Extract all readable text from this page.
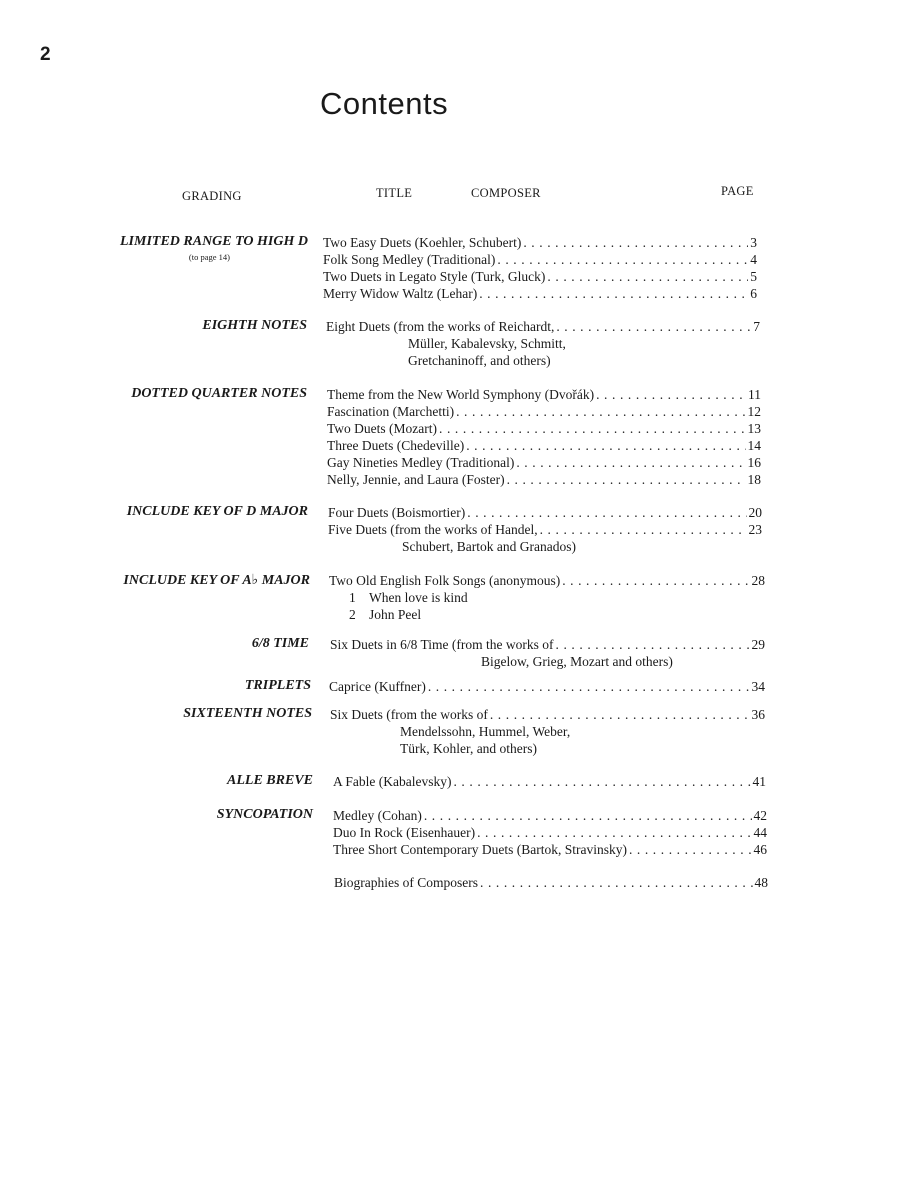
2
Contents
GRADING	TITLE	COMPOSER	PAGE
LIMITED RANGE TO HIGH D
(to page 14)
Two Easy Duets (Koehler, Schubert) . . .	3
Folk Song Medley (Traditional) . . .	4
Two Duets in Legato Style (Turk, Gluck) . . .	5
Merry Widow Waltz (Lehar) . . .	6
EIGHTH NOTES Eight Duets (from the works of Reichardt, . . .	7
Müller, Kabalevsky, Schmitt,
Gretchaninoff, and others)
DOTTED QUARTER NOTES Theme from the New World Symphony (Dvořák) . . .	11
Fascination (Marchetti) . . .	12
Two Duets (Mozart) . . .	13
Three Duets (Chedeville) . . .	14
Gay Nineties Medley (Traditional) . . .	16
Nelly, Jennie, and Laura (Foster) . . .	18
INCLUDE KEY OF D MAJOR Four Duets (Boismortier) . . .	20
Five Duets (from the works of Handel, . . .	23
Schubert, Bartok and Granados)
INCLUDE KEY OF A♭ MAJOR Two Old English Folk Songs (anonymous) . . .	28
1 When love is kind
2 John Peel
6/8 TIME Six Duets in 6/8 Time (from the works of . . .	29
Bigelow, Grieg, Mozart and others)
TRIPLETS Caprice (Kuffner) . . .	34
SIXTEENTH NOTES Six Duets (from the works of . . .	36
Mendelssohn, Hummel, Weber,
Türk, Kohler, and others)
ALLE BREVE A Fable (Kabalevsky) . . .	41
SYNCOPATION Medley (Cohan) . . .	42
Duo In Rock (Eisenhauer) . . .	44
Three Short Contemporary Duets (Bartok, Stravinsky) . . .	46
Biographies of Composers . . .	48
